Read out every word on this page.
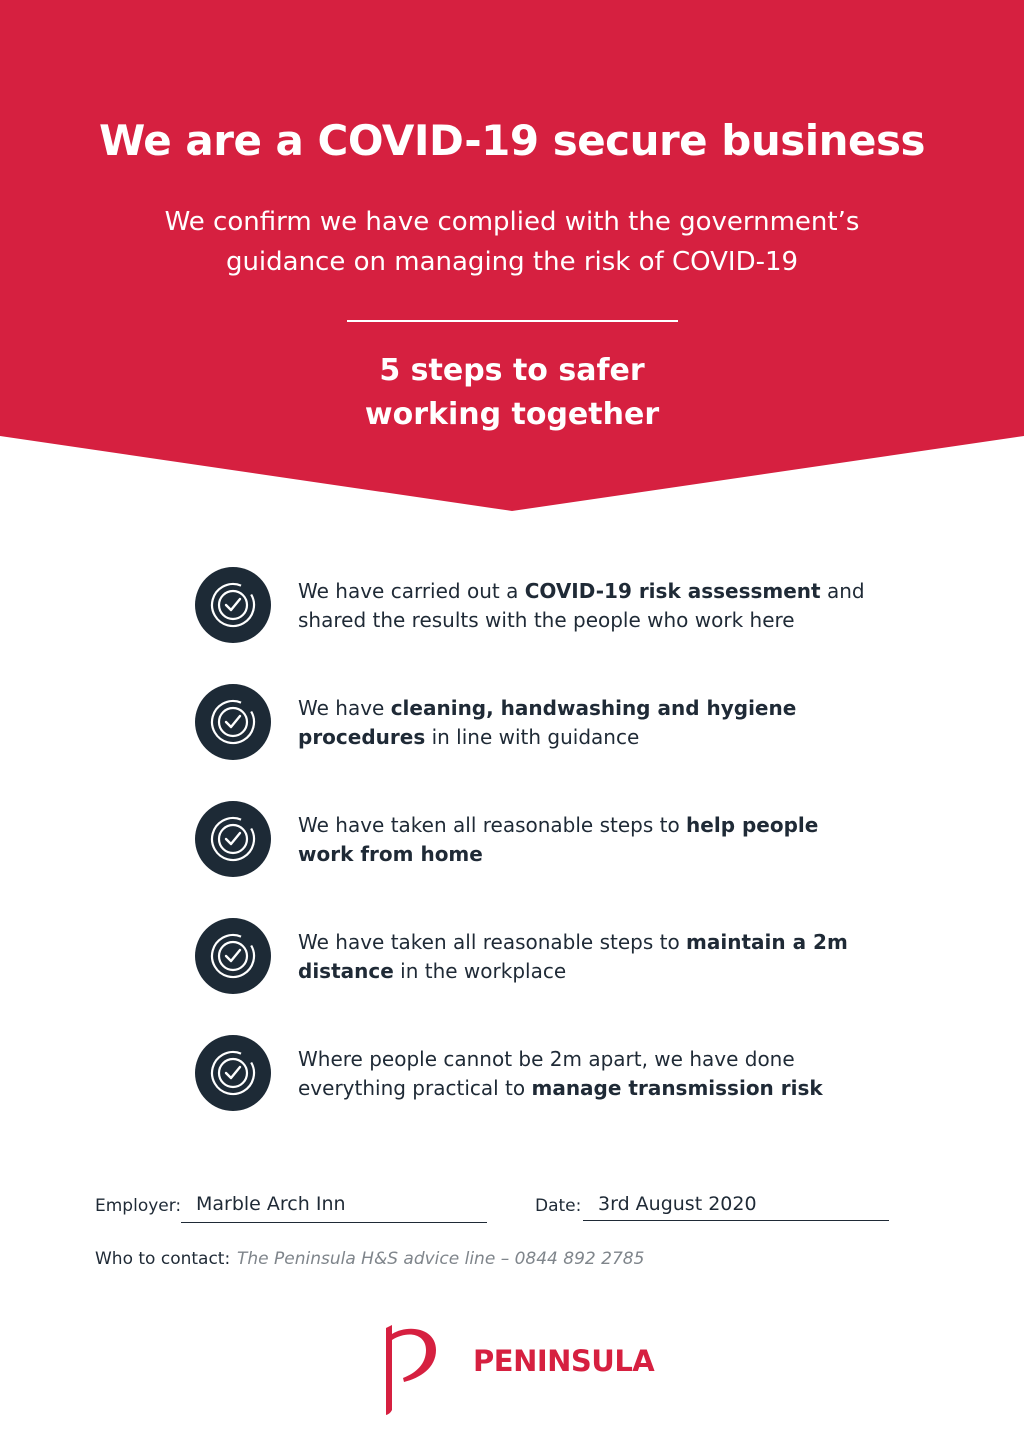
We are a COVID-19 secure business
We confirm we have complied with the government’s
guidance on managing the risk of COVID-19
5 steps to safer
working together

We have carried out a COVID-19 risk assessment and shared the results with the people who work here

We have cleaning, handwashing and hygiene procedures in line with guidance

We have taken all reasonable steps to help people work from home

We have taken all reasonable steps to maintain a 2m distance in the workplace

Where people cannot be 2m apart, we have done everything practical to manage transmission risk

Employer: Marble Arch Inn	Date: 3rd August 2020
Who to contact: The Peninsula H&S advice line – 0844 892 2785
PENINSULA
